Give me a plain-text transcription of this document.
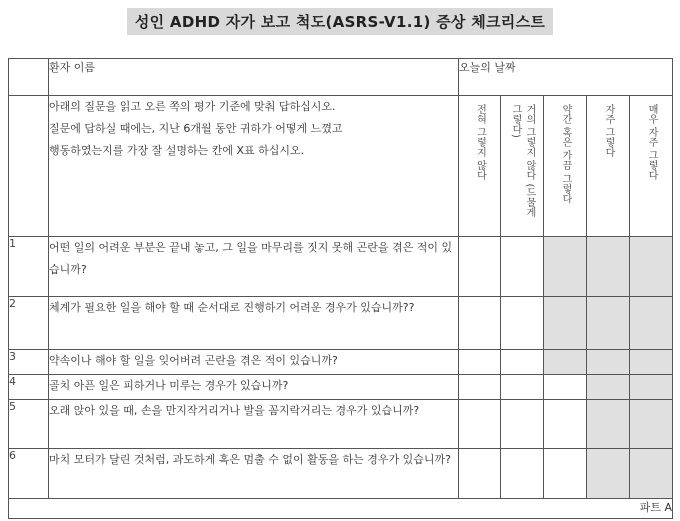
성인 ADHD 자가 보고 척도(ASRS-V1.1) 증상 체크리스트
	환자 이름	오늘의 날짜				

	아래의 질문을 읽고 오른 쪽의 평가 기준에 맞춰 답하십시오.
질문에 답하실 때에는, 지난 6개월 동안 귀하가 어떻게 느꼈고
행동하였는지를 가장 잘 설명하는 칸에 X표 하십시오.	전혀 그렇지 않다	거의 그렇지 않다 (드물게 그렇다)	약간 혹은 가끔 그렇다	자주 그렇다	매우 자주 그렇다

1	어떤 일의 어려운 부분은 끝내 놓고, 그 일을 마무리를 짓지 못해 곤란을 겪은 적이 있습니까?					
2	체계가 필요한 일을 해야 할 때 순서대로 진행하기 어려운 경우가 있습니까??					
3	약속이나 해야 할 일을 잊어버려 곤란을 겪은 적이 있습니까?					
4	골치 아픈 일은 피하거나 미루는 경우가 있습니까?					
5	오래 앉아 있을 때, 손을 만지작거리거나 발을 꼼지락거리는 경우가 있습니까?					
6	마치 모터가 달린 것처럼, 과도하게 혹은 멈출 수 없이 활동을 하는 경우가 있습니까?					
파트 A						
